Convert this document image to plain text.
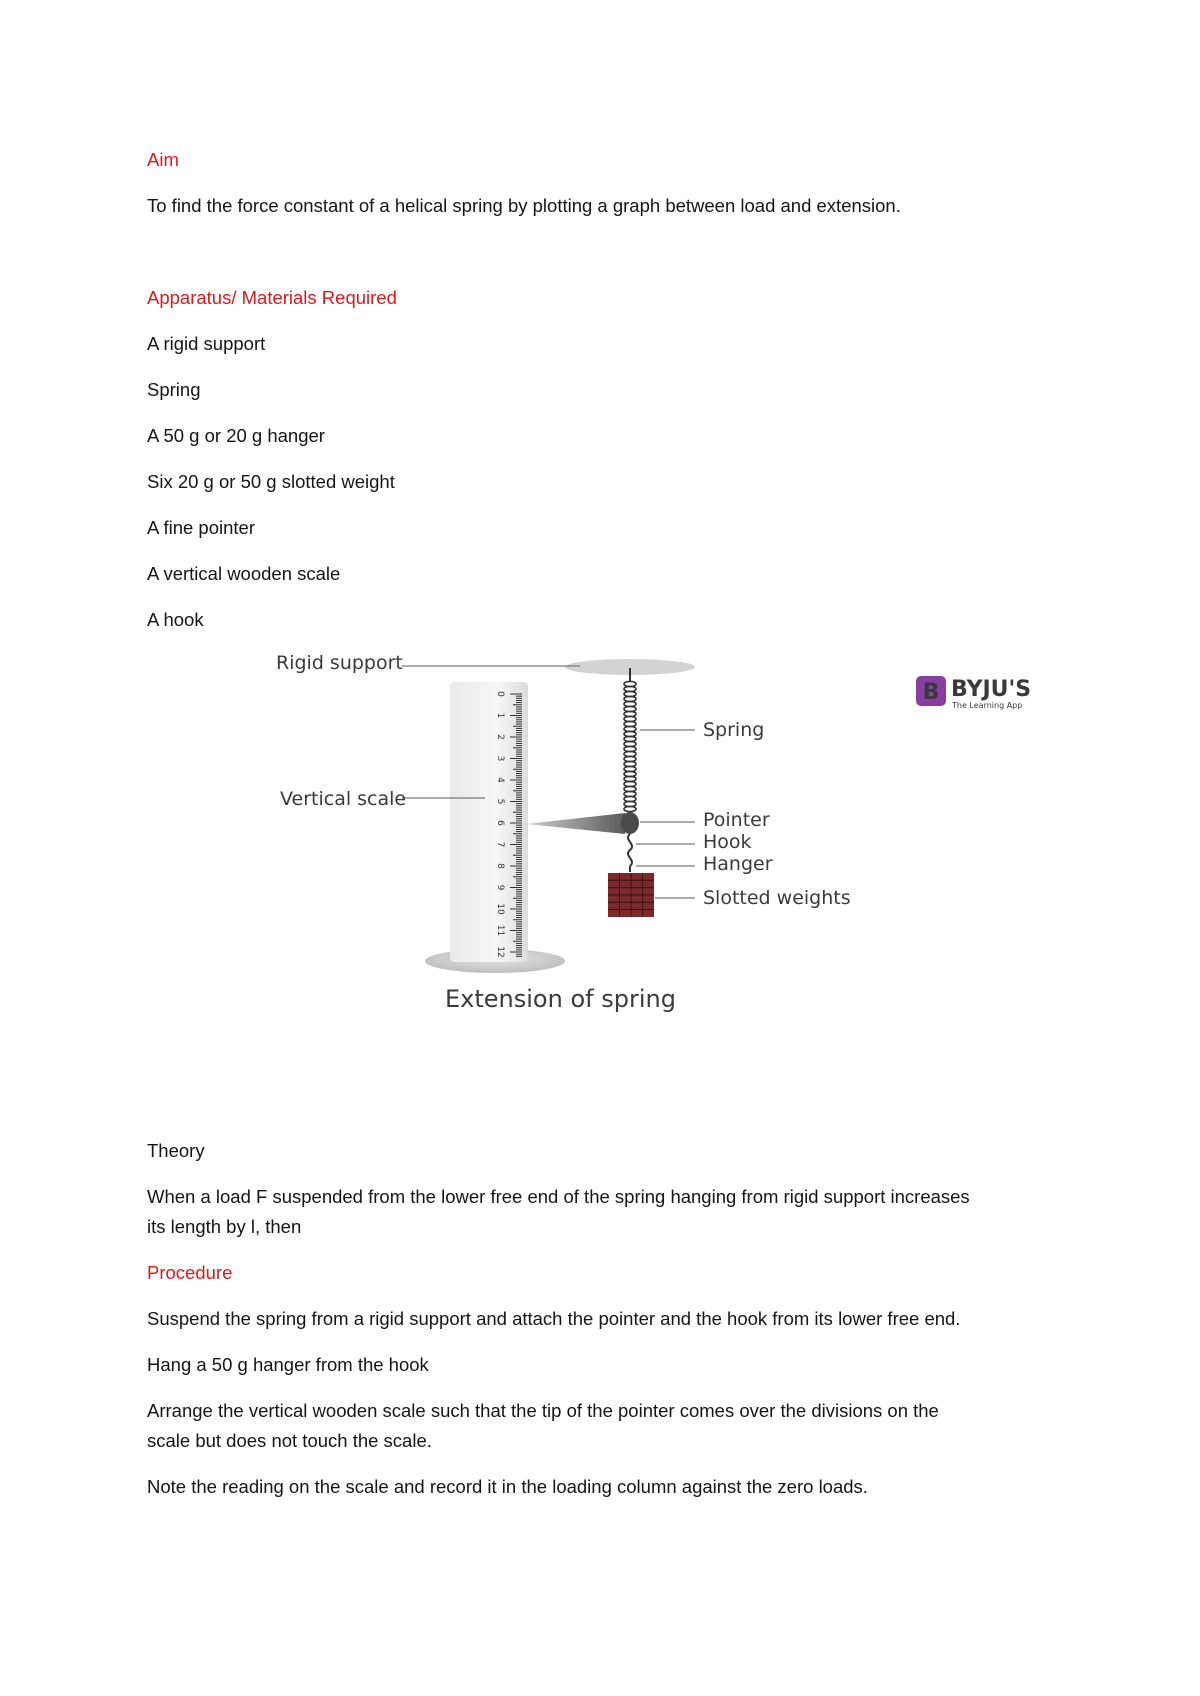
Aim

To find the force constant of a helical spring by plotting a graph between load and extension.

Apparatus/ Materials Required

A rigid support

Spring

A 50 g or 20 g hanger

Six 20 g or 50 g slotted weight

A fine pointer

A vertical wooden scale

A hook

B BYJU'S
The Learning App
Rigid support
0
1
2
3
4
5
6
7
8
9
10
11
12
Vertical scale
Spring
Pointer
Hook
Hanger
Slotted weights
Extension of spring

Theory

When a load F suspended from the lower free end of the spring hanging from rigid support increases

its length by l, then

Procedure

Suspend the spring from a rigid support and attach the pointer and the hook from its lower free end.

Hang a 50 g hanger from the hook

Arrange the vertical wooden scale such that the tip of the pointer comes over the divisions on the

scale but does not touch the scale.

Note the reading on the scale and record it in the loading column against the zero loads.
